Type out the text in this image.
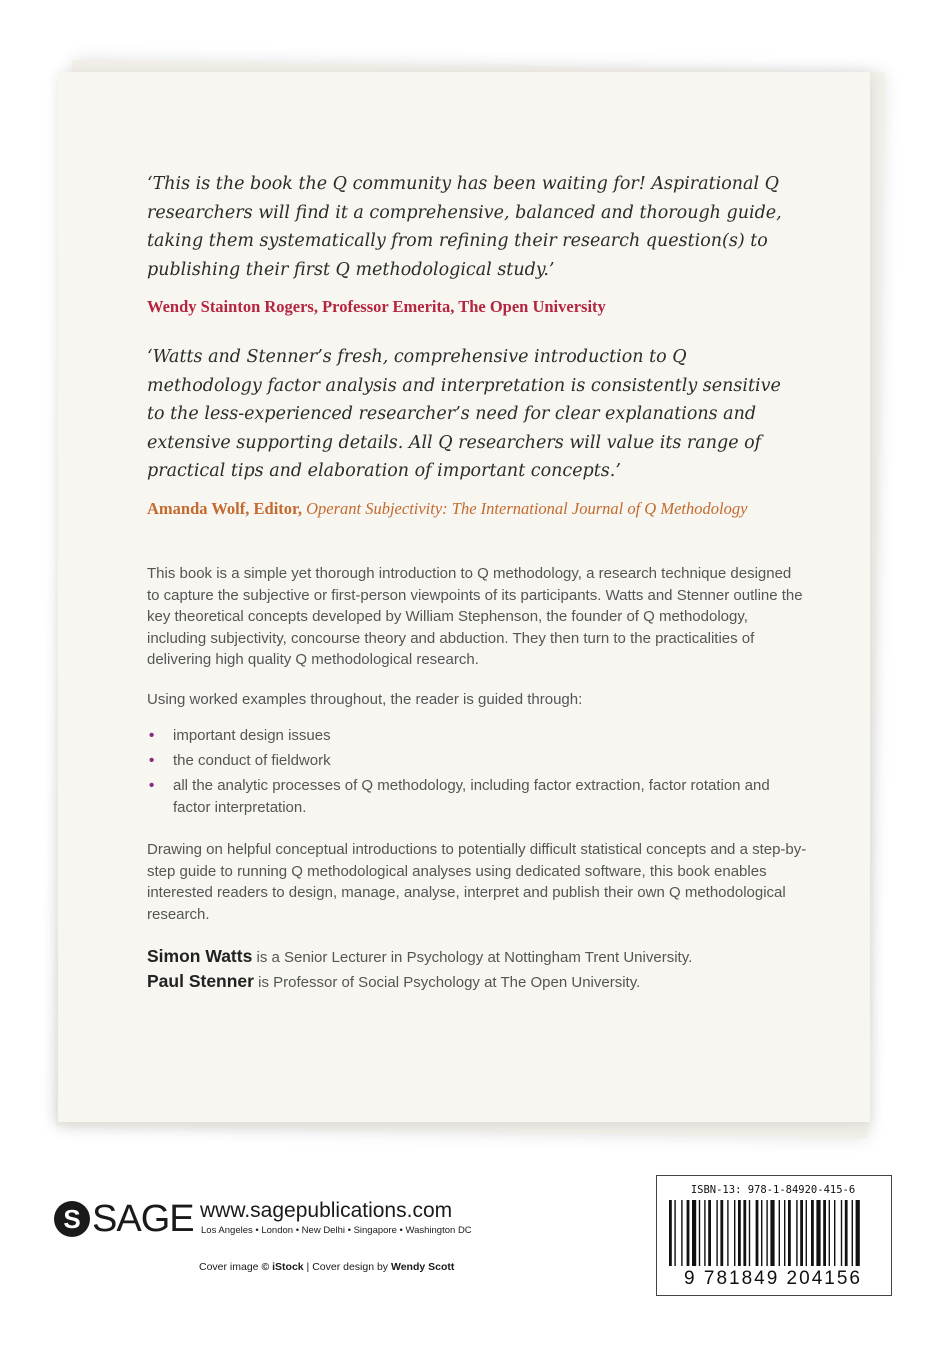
‘This is the book the Q community has been waiting for! Aspirational Q researchers will find it a comprehensive, balanced and thorough guide, taking them systematically from refining their research question(s) to publishing their first Q methodological study.’

Wendy Stainton Rogers, Professor Emerita, The Open University

‘Watts and Stenner’s fresh, comprehensive introduction to Q methodology factor analysis and interpretation is consistently sensitive to the less-experienced researcher’s need for clear explanations and extensive supporting details. All Q researchers will value its range of practical tips and elaboration of important concepts.’

Amanda Wolf, Editor, Operant Subjectivity: The International Journal of Q Methodology

This book is a simple yet thorough introduction to Q methodology, a research technique designed to capture the subjective or first-person viewpoints of its participants. Watts and Stenner outline the key theoretical concepts developed by William Stephenson, the founder of Q methodology, including subjectivity, concourse theory and abduction. They then turn to the practicalities of delivering high quality Q methodological research.

Using worked examples throughout, the reader is guided through:

• important design issues
• the conduct of fieldwork
• all the analytic processes of Q methodology, including factor extraction, factor rotation and factor interpretation.

Drawing on helpful conceptual introductions to potentially difficult statistical concepts and a step-by-step guide to running Q methodological analyses using dedicated software, this book enables interested readers to design, manage, analyse, interpret and publish their own Q methodological research.

Simon Watts is a Senior Lecturer in Psychology at Nottingham Trent University.

Paul Stenner is Professor of Social Psychology at The Open University.

S SAGE www.sagepublications.com
Los Angeles • London • New Delhi • Singapore • Washington DC
Cover image © iStock | Cover design by Wendy Scott
ISBN-13: 978-1-84920-415-6
9 781849 204156
